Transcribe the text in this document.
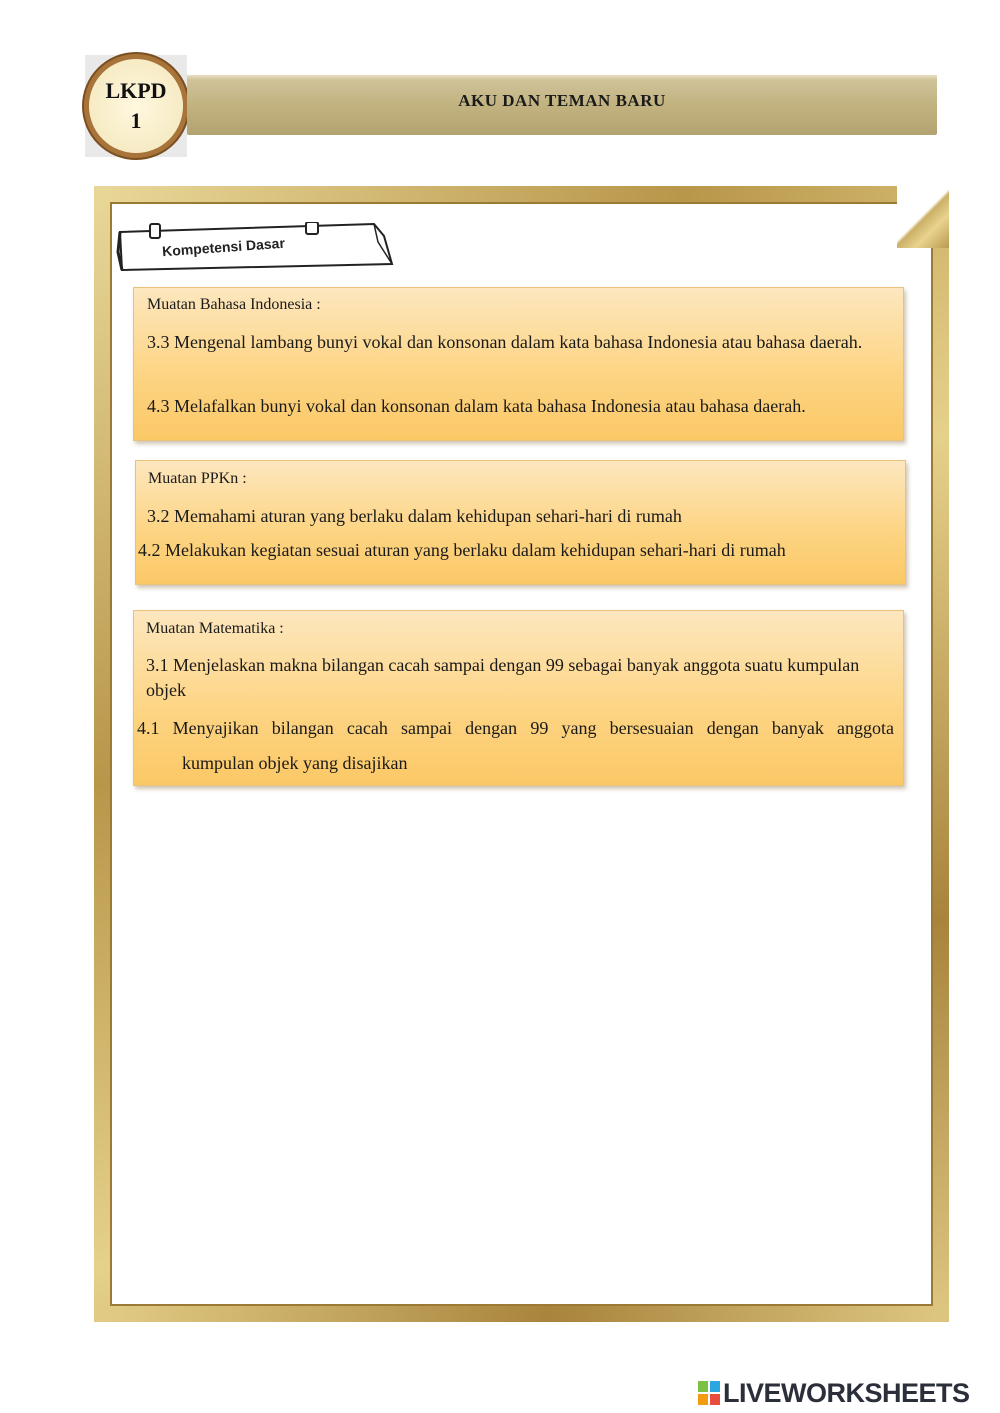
LKPD
1
AKU DAN TEMAN BARU
Kompetensi Dasar
Muatan Bahasa Indonesia :
3.3 Mengenal lambang bunyi vokal dan konsonan dalam kata bahasa Indonesia atau bahasa daerah.
4.3 Melafalkan bunyi vokal dan konsonan dalam kata bahasa Indonesia atau bahasa daerah.
Muatan PPKn :
3.2 Memahami aturan yang berlaku dalam kehidupan sehari-hari di rumah
4.2 Melakukan kegiatan sesuai aturan yang berlaku dalam kehidupan sehari-hari di rumah
Muatan Matematika :
3.1 Menjelaskan makna bilangan cacah sampai dengan 99 sebagai banyak anggota suatu kumpulan objek
4.1 Menyajikan bilangan cacah sampai dengan 99 yang bersesuaian dengan banyak anggota
kumpulan objek yang disajikan
LIVEWORKSHEETS
